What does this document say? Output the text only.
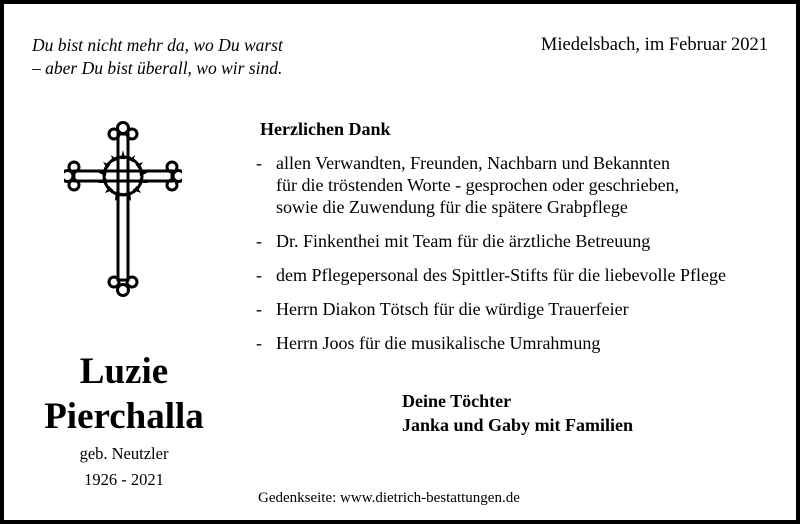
Du bist nicht mehr da, wo Du warst
– aber Du bist überall, wo wir sind.
Miedelsbach, im Februar 2021
Luzie
Pierchalla
geb. Neutzler
1926 - 2021
Herzlichen Dank
- allen Verwandten, Freunden, Nachbarn und Bekannten
für die tröstenden Worte - gesprochen oder geschrieben,
sowie die Zuwendung für die spätere Grabpflege
- Dr. Finkenthei mit Team für die ärztliche Betreuung
- dem Pflegepersonal des Spittler-Stifts für die liebevolle Pflege
- Herrn Diakon Tötsch für die würdige Trauerfeier
- Herrn Joos für die musikalische Umrahmung
Deine Töchter
Janka und Gaby mit Familien
Gedenkseite: www.dietrich-bestattungen.de
